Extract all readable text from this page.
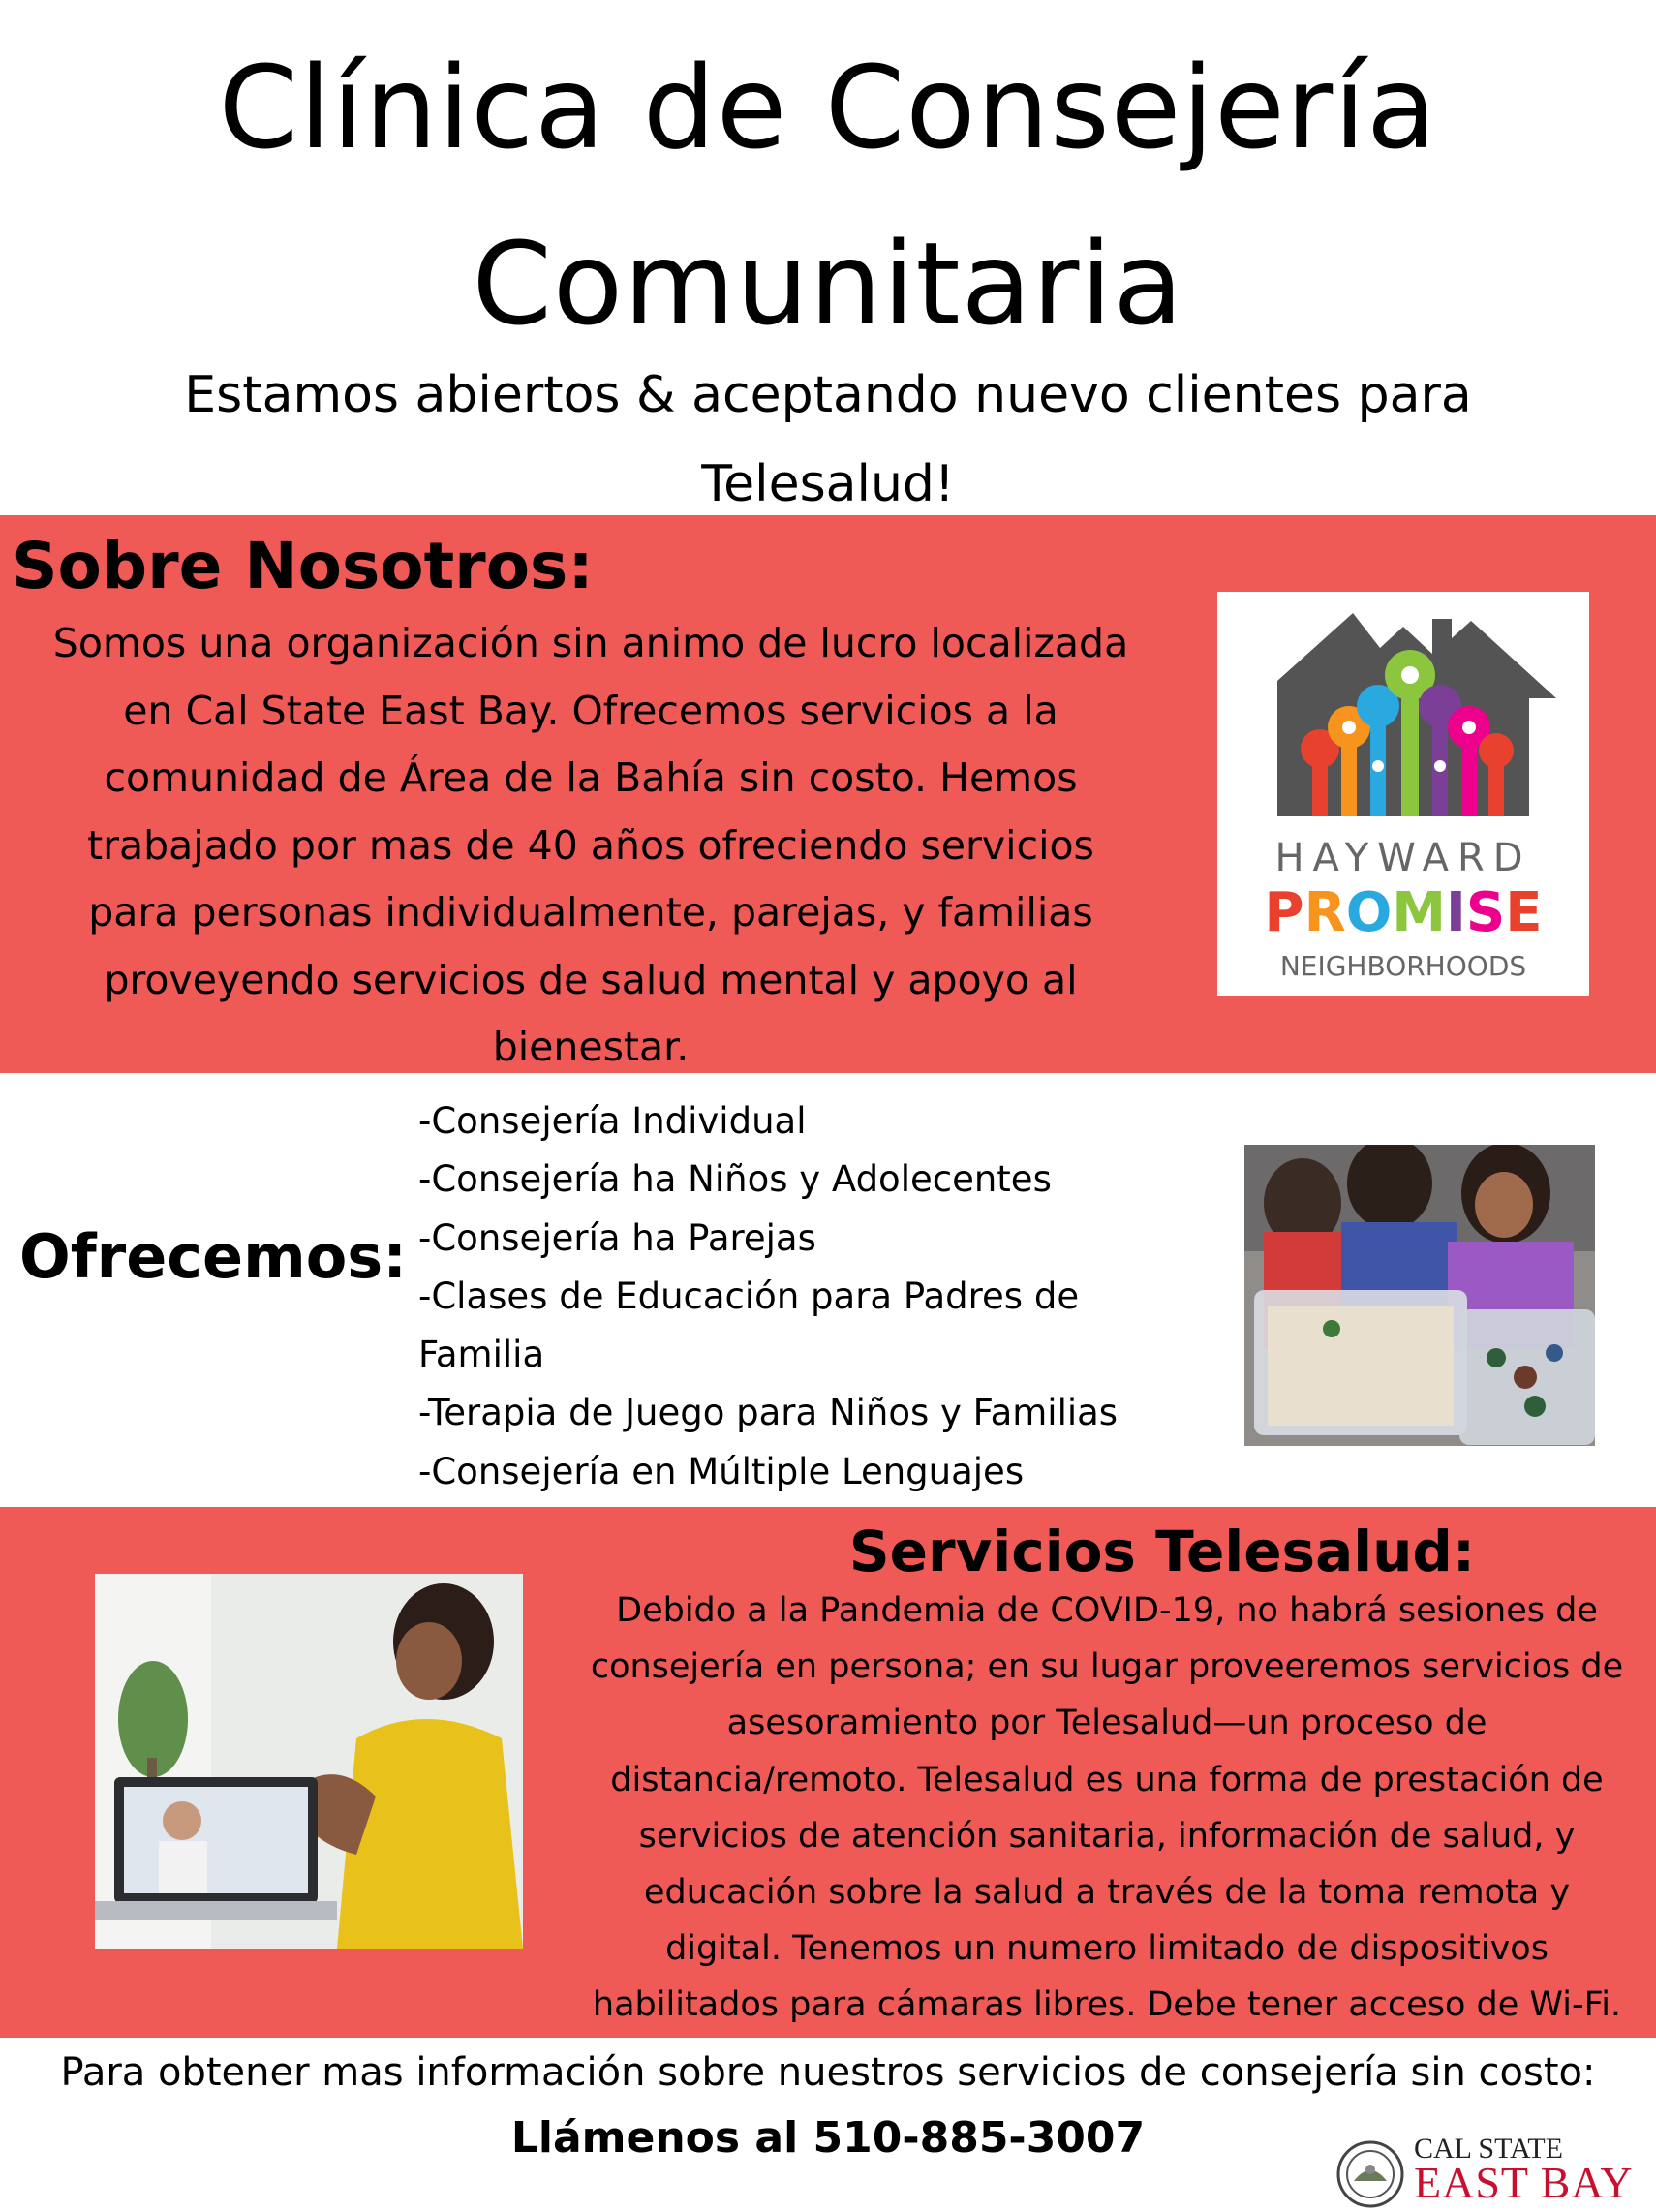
Clínica de Consejería
Comunitaria
Estamos abiertos & aceptando nuevo clientes para
Telesalud!
Sobre Nosotros:
Somos una organización sin animo de lucro localizada
en Cal State East Bay. Ofrecemos servicios a la
comunidad de Área de la Bahía sin costo. Hemos
trabajado por mas de 40 años ofreciendo servicios
para personas individualmente, parejas, y familias
proveyendo servicios de salud mental y apoyo al
bienestar.
HAYWARD
PROMISE
NEIGHBORHOODS
Ofrecemos:
-Consejería Individual
-Consejería ha Niños y Adolecentes
-Consejería ha Parejas
-Clases de Educación para Padres de
Familia
-Terapia de Juego para Niños y Familias
-Consejería en Múltiple Lenguajes
Servicios Telesalud:
Debido a la Pandemia de COVID-19, no habrá sesiones de
consejería en persona; en su lugar proveeremos servicios de
asesoramiento por Telesalud—un proceso de
distancia/remoto. Telesalud es una forma de prestación de
servicios de atención sanitaria, información de salud, y
educación sobre la salud a través de la toma remota y
digital. Tenemos un numero limitado de dispositivos
habilitados para cámaras libres. Debe tener acceso de Wi-Fi.
Para obtener mas información sobre nuestros servicios de consejería sin costo:
Llámenos al 510-885-3007	CAL STATE
EAST BAY
